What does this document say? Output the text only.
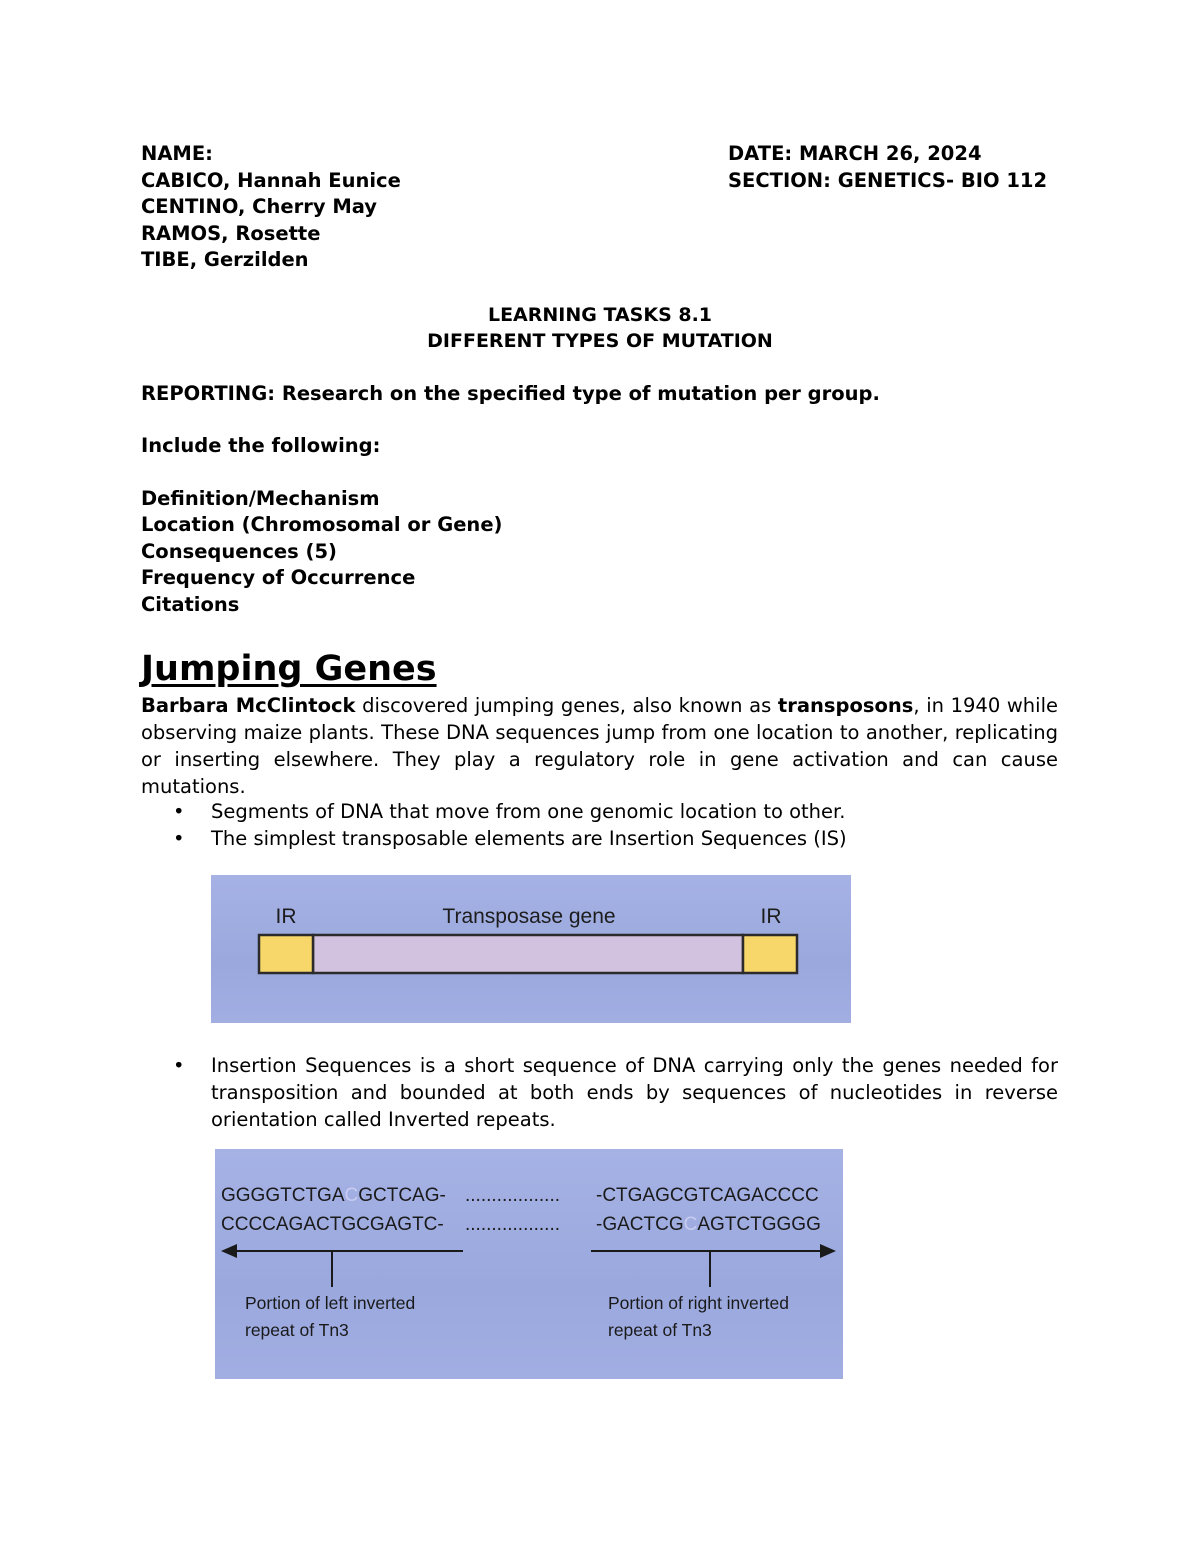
NAME:
CABICO, Hannah Eunice
CENTINO, Cherry May
RAMOS, Rosette
TIBE, Gerzilden
DATE: MARCH 26, 2024
SECTION: GENETICS- BIO 112
LEARNING TASKS 8.1
DIFFERENT TYPES OF MUTATION
REPORTING: Research on the specified type of mutation per group.
Include the following:
Definition/Mechanism
Location (Chromosomal or Gene)
Consequences (5)
Frequency of Occurrence
Citations
Jumping Genes
Barbara McClintock discovered jumping genes, also known as transposons, in 1940 while observing maize plants. These DNA sequences jump from one location to another, replicating or inserting elsewhere. They play a regulatory role in gene activation and can cause mutations.
• Segments of DNA that move from one genomic location to other.
• The simplest transposable elements are Insertion Sequences (IS)
IR	Transposase gene	IR
• Insertion Sequences is a short sequence of DNA carrying only the genes needed for transposition and bounded at both ends by sequences of nucleotides in reverse orientation called Inverted repeats.
GGGGTCTGACGCTCAG- .................. -CTGAGCGTCAGACCCC
CCCCAGACTGCGAGTC- .................. -GACTCGCAGTCTGGGG
Portion of left inverted
repeat of Tn3
Portion of right inverted
repeat of Tn3
